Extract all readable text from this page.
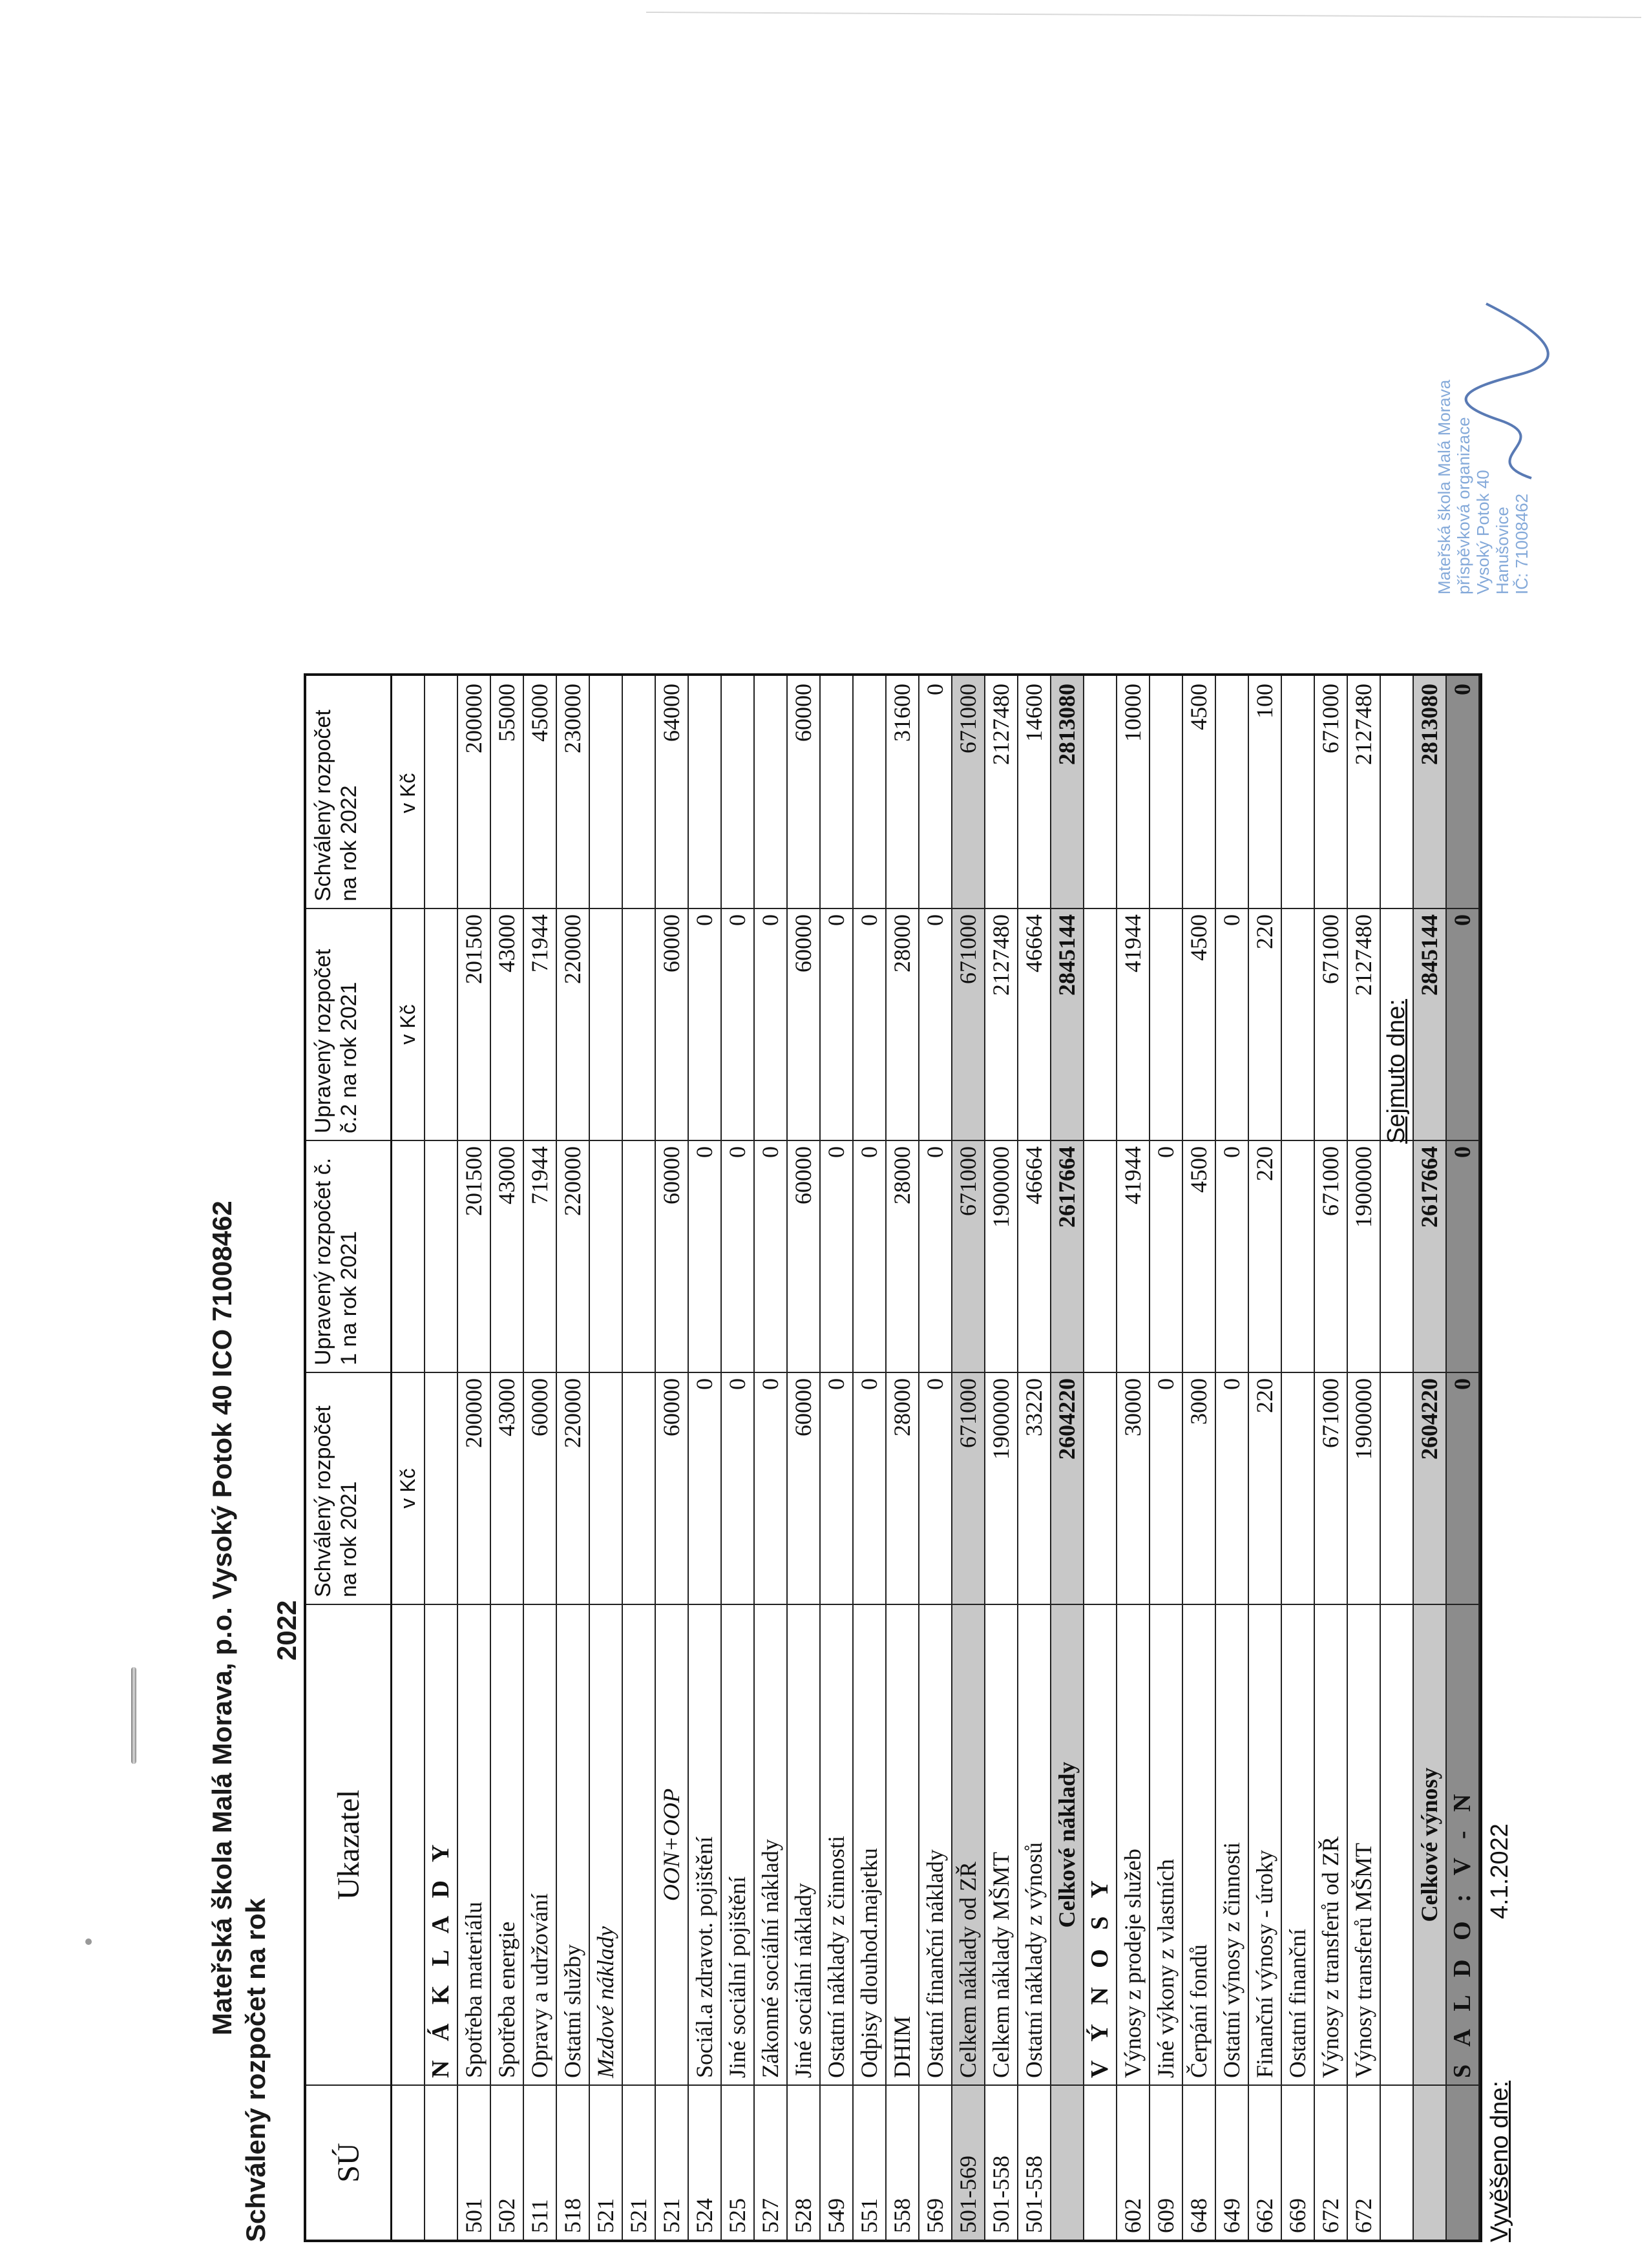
Mateřská škola Malá Morava, p.o. Vysoký Potok 40 ICO 71008462
Schválený rozpočet na rok
2022
SÚ
Ukazatel
Schválený rozpočet na rok 2021
Upravený rozpočet č. 1 na rok 2021
Upravený rozpočet č.2 na rok 2021
Schválený rozpočet na rok 2022
v Kč
v Kč
v Kč
N Á K L A D Y
501
Spotřeba materiálu
200000
201500
201500
200000
502
Spotřeba energie
43000
43000
43000
55000
511
Opravy a udržování
60000
71944
71944
45000
518
Ostatní služby
220000
220000
220000
230000
521
Mzdové náklady
521 521
OON+OOP
60000
60000
60000
64000
524
Sociál.a zdravot. pojištění
0
0
0
525
Jiné sociální pojištění
0
0
0
527
Zákonné sociální náklady
0
0
0
528
Jiné sociální náklady
60000
60000
60000
60000
549
Ostatní náklady z činnosti
0
0
0
551
Odpisy dlouhod.majetku
0
0
0
558
DHIM
28000
28000
28000
31600
569
Ostatní finanční náklady
0
0
0
0
501-569
Celkem náklady od ZŘ
671000
671000
671000
671000
501-558
Celkem náklady MŠMT
1900000
1900000
2127480
2127480
501-558
Ostatní náklady z výnosů
33220
46664
46664
14600
Celkové náklady
2604220
2617664
2845144
2813080
V Ý N O S Y
602
Výnosy z prodeje služeb
30000
41944
41944
10000
609
Jiné výkony z vlastních
0
0
648
Čerpání fondů
3000
4500
4500
4500
649
Ostatní výnosy z činnosti
0
0
0
662
Finanční výnosy - úroky
220
220
220
100
669
Ostatní finanční
672
Výnosy z transferů od ZŘ
671000
671000
671000
671000
672
Výnosy transferů MŠMT
1900000
1900000
2127480
2127480
Celkové výnosy
2604220
2617664
2845144
2813080
S A L D O : V - N
0
0
0
0
Vyvěšeno dne:
4.1.2022
Sejmuto dne:
Mateřská škola Malá Morava příspěvková organizace Vysoký Potok 40 Hanušovice IČ: 71008462
